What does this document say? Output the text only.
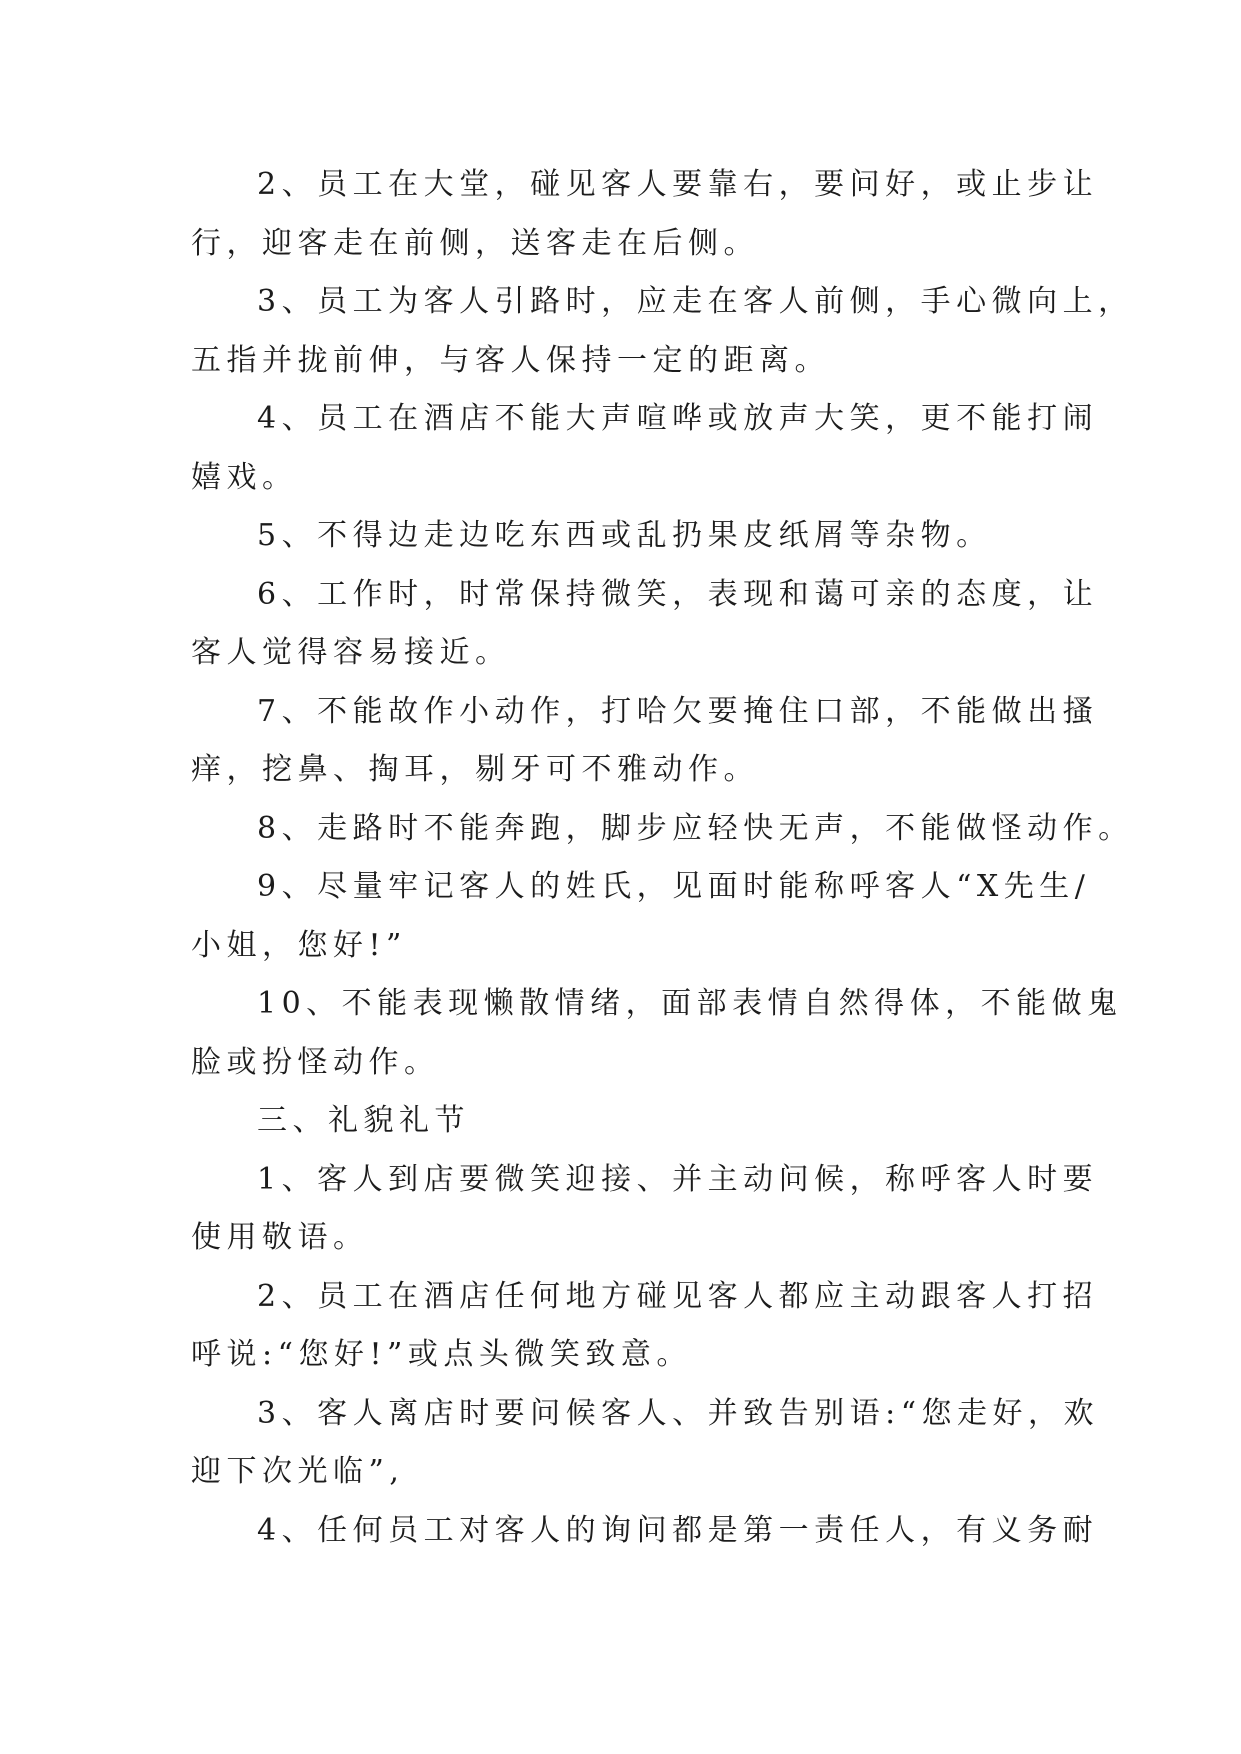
2、员工在大堂，碰见客人要靠右，要问好，或止步让
行，迎客走在前侧，送客走在后侧。
3、员工为客人引路时，应走在客人前侧，手心微向上，
五指并拢前伸，与客人保持一定的距离。
4、员工在酒店不能大声喧哗或放声大笑，更不能打闹
嬉戏。
5、不得边走边吃东西或乱扔果皮纸屑等杂物。
6、工作时，时常保持微笑，表现和蔼可亲的态度，让
客人觉得容易接近。
7、不能故作小动作，打哈欠要掩住口部，不能做出搔
痒，挖鼻、掏耳，剔牙可不雅动作。
8、走路时不能奔跑，脚步应轻快无声，不能做怪动作。
9、尽量牢记客人的姓氏，见面时能称呼客人“X先生/
小姐，您好!”
10、不能表现懒散情绪，面部表情自然得体，不能做鬼
脸或扮怪动作。
三、礼貌礼节
1、客人到店要微笑迎接、并主动问候，称呼客人时要
使用敬语。
2、员工在酒店任何地方碰见客人都应主动跟客人打招
呼说:“您好!”或点头微笑致意。
3、客人离店时要问候客人、并致告别语:“您走好，欢
迎下次光临”,
4、任何员工对客人的询问都是第一责任人，有义务耐
